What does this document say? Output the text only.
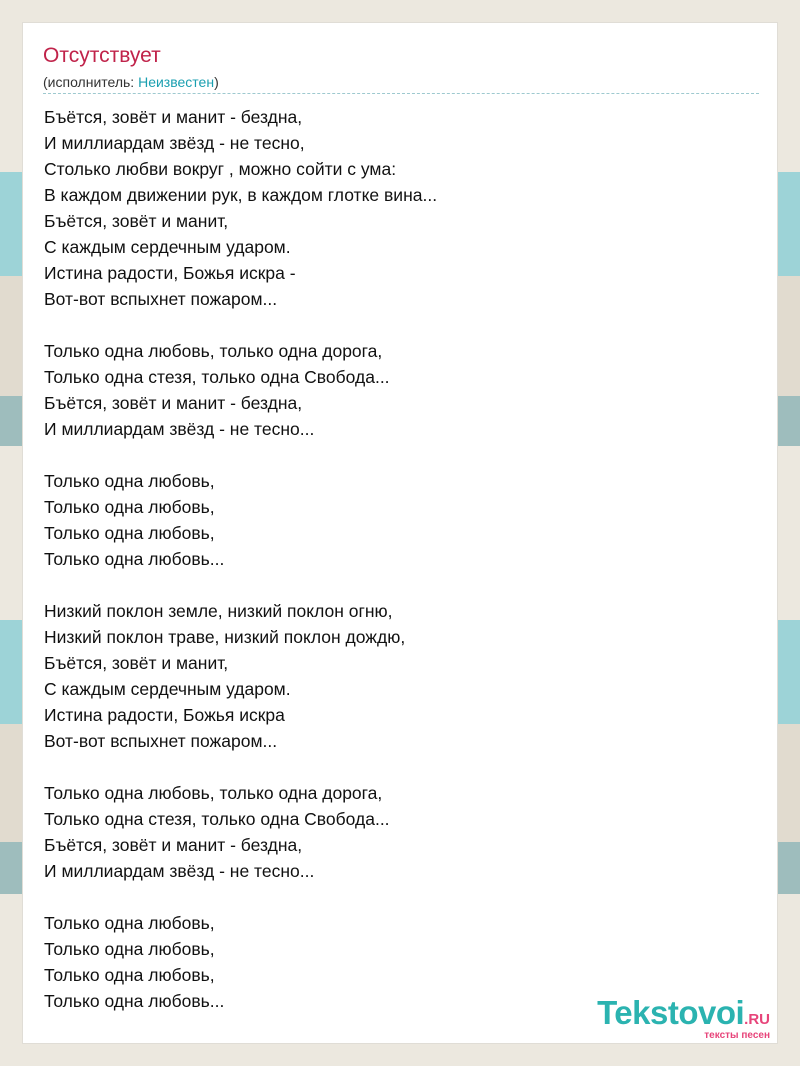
Отсутствует
(исполнитель: Неизвестен)
Бъётся, зовёт и манит - бездна,
И миллиардам звёзд - не тесно,
Столько любви вокруг , можно сойти с ума:
В каждом движении рук, в каждом глотке вина...
Бъётся, зовёт и манит,
С каждым сердечным ударом.
Истина радости, Божья искра -
Вот-вот вспыхнет пожаром...
Только одна любовь, только одна дорога,
Только одна стезя, только одна Свобода...
Бъётся, зовёт и манит - бездна,
И миллиардам звёзд - не тесно...
Только одна любовь,
Только одна любовь,
Только одна любовь,
Только одна любовь...
Низкий поклон земле, низкий поклон огню,
Низкий поклон траве, низкий поклон дождю,
Бъётся, зовёт и манит,
С каждым сердечным ударом.
Истина радости, Божья искра
Вот-вот вспыхнет пожаром...
Только одна любовь, только одна дорога,
Только одна стезя, только одна Свобода...
Бъётся, зовёт и манит - бездна,
И миллиардам звёзд - не тесно...
Только одна любовь,
Только одна любовь,
Только одна любовь,
Только одна любовь...	Tekstovoi.RU
тексты песен
